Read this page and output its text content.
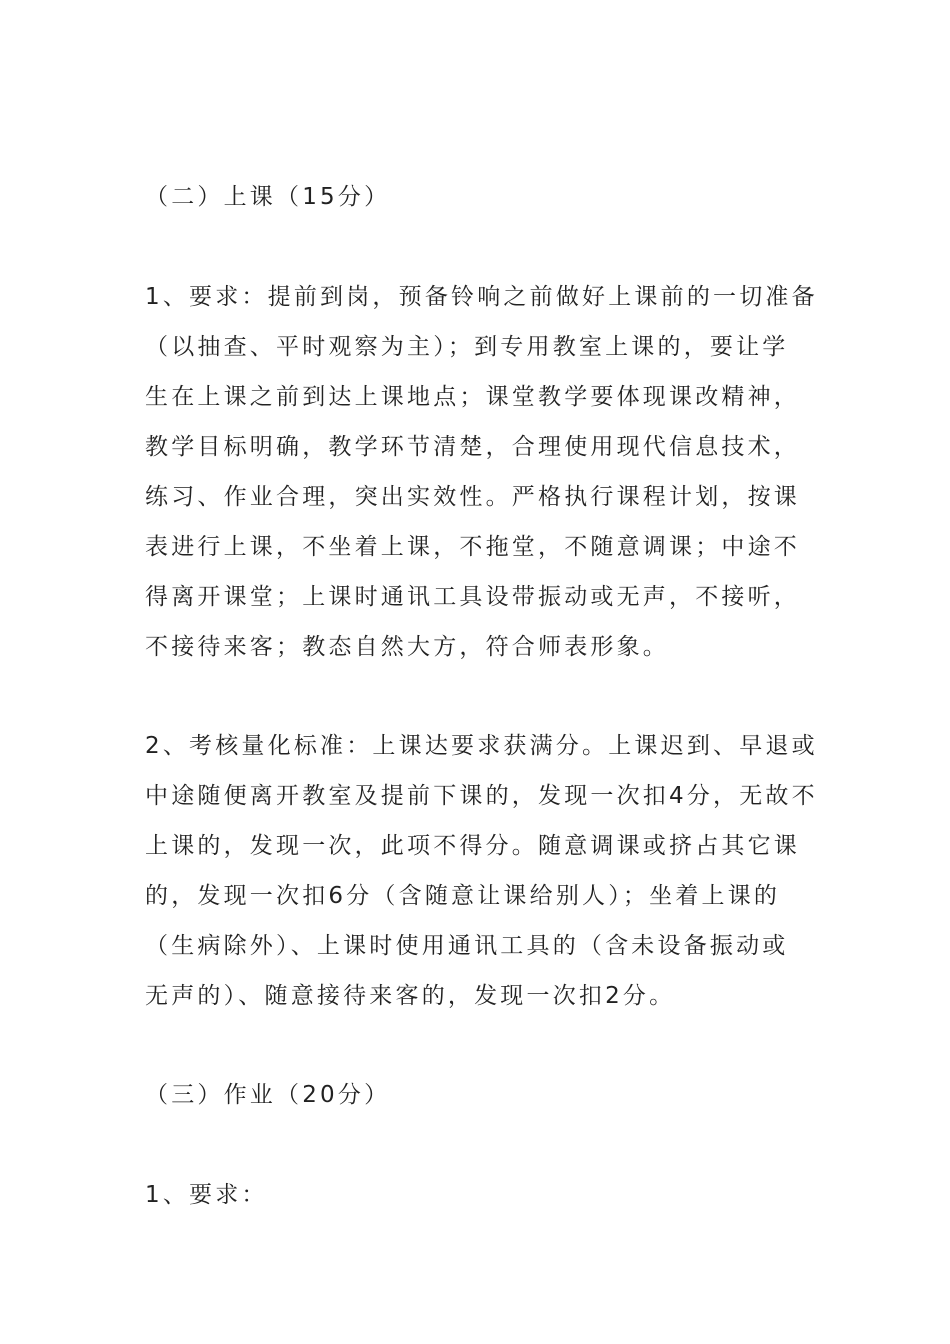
（二）上课（15分）
1、要求：提前到岗，预备铃响之前做好上课前的一切准备
（以抽查、平时观察为主）；到专用教室上课的，要让学
生在上课之前到达上课地点；课堂教学要体现课改精神，
教学目标明确，教学环节清楚，合理使用现代信息技术，
练习、作业合理，突出实效性。严格执行课程计划，按课
表进行上课，不坐着上课，不拖堂，不随意调课；中途不
得离开课堂；上课时通讯工具设带振动或无声，不接听，
不接待来客；教态自然大方，符合师表形象。
2、考核量化标准：上课达要求获满分。上课迟到、早退或
中途随便离开教室及提前下课的，发现一次扣4分，无故不
上课的，发现一次，此项不得分。随意调课或挤占其它课
的，发现一次扣6分（含随意让课给别人）；坐着上课的
（生病除外）、上课时使用通讯工具的（含未设备振动或
无声的）、随意接待来客的，发现一次扣2分。
（三）作业（20分）
1、要求：
